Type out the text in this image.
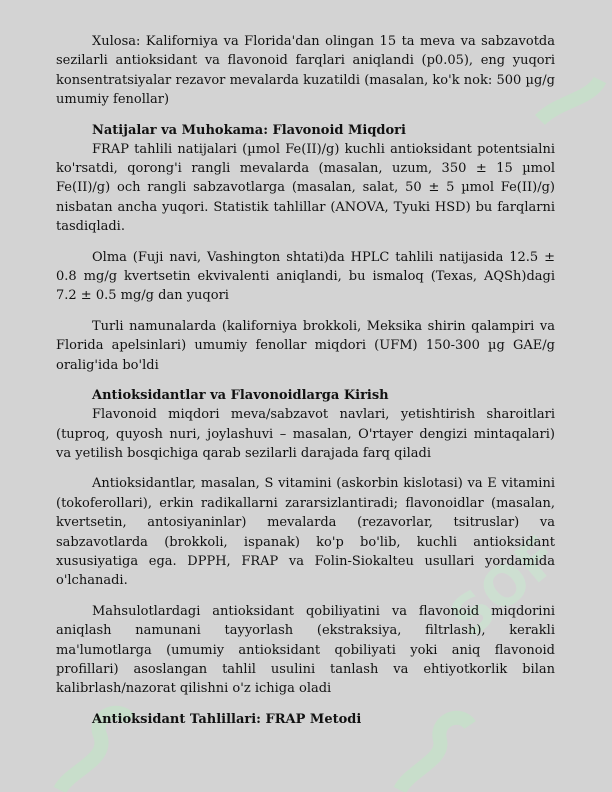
SOF

Xulosa: Kaliforniya va Florida'dan olingan 15 ta meva va sabzavotda sezilarli antioksidant va flavonoid farqlari aniqlandi (p0.05), eng yuqori konsentratsiyalar rezavor mevalarda kuzatildi (masalan, ko'k nok: 500 µg/g umumiy fenollar)

Natijalar va Muhokama: Flavonoid Miqdori

FRAP tahlili natijalari (µmol Fe(II)/g) kuchli antioksidant potentsialni ko'rsatdi, qorong'i rangli mevalarda (masalan, uzum, 350 ± 15 µmol Fe(II)/g) och rangli sabzavotlarga (masalan, salat, 50 ± 5 µmol Fe(II)/g) nisbatan ancha yuqori. Statistik tahlillar (ANOVA, Tyuki HSD) bu farqlarni tasdiqladi.

Olma (Fuji navi, Vashington shtati)da HPLC tahlili natijasida 12.5 ± 0.8 mg/g kvertsetin ekvivalenti aniqlandi, bu ismaloq (Texas, AQSh)dagi 7.2 ± 0.5 mg/g dan yuqori

Turli namunalarda (kaliforniya brokkoli, Meksika shirin qalampiri va Florida apelsinlari) umumiy fenollar miqdori (UFM) 150-300 µg GAE/g oralig'ida bo'ldi

Antioksidantlar va Flavonoidlarga Kirish

Flavonoid miqdori meva/sabzavot navlari, yetishtirish sharoitlari (tuproq, quyosh nuri, joylashuvi – masalan, O'rtayer dengizi mintaqalari) va yetilish bosqichiga qarab sezilarli darajada farq qiladi

Antioksidantlar, masalan, S vitamini (askorbin kislotasi) va E vitamini (tokoferollari), erkin radikallarni zararsizlantiradi; flavonoidlar (masalan, kvertsetin, antosiyaninlar) mevalarda (rezavorlar, tsitruslar) va sabzavotlarda (brokkoli, ispanak) ko'p bo'lib, kuchli antioksidant xususiyatiga ega. DPPH, FRAP va Folin-Siokalteu usullari yordamida o'lchanadi.

Mahsulotlardagi antioksidant qobiliyatini va flavonoid miqdorini aniqlash namunani tayyorlash (ekstraksiya, filtrlash), kerakli ma'lumotlarga (umumiy antioksidant qobiliyati yoki aniq flavonoid profillari) asoslangan tahlil usulini tanlash va ehtiyotkorlik bilan kalibrlash/nazorat qilishni o'z ichiga oladi

Antioksidant Tahlillari: FRAP Metodi
